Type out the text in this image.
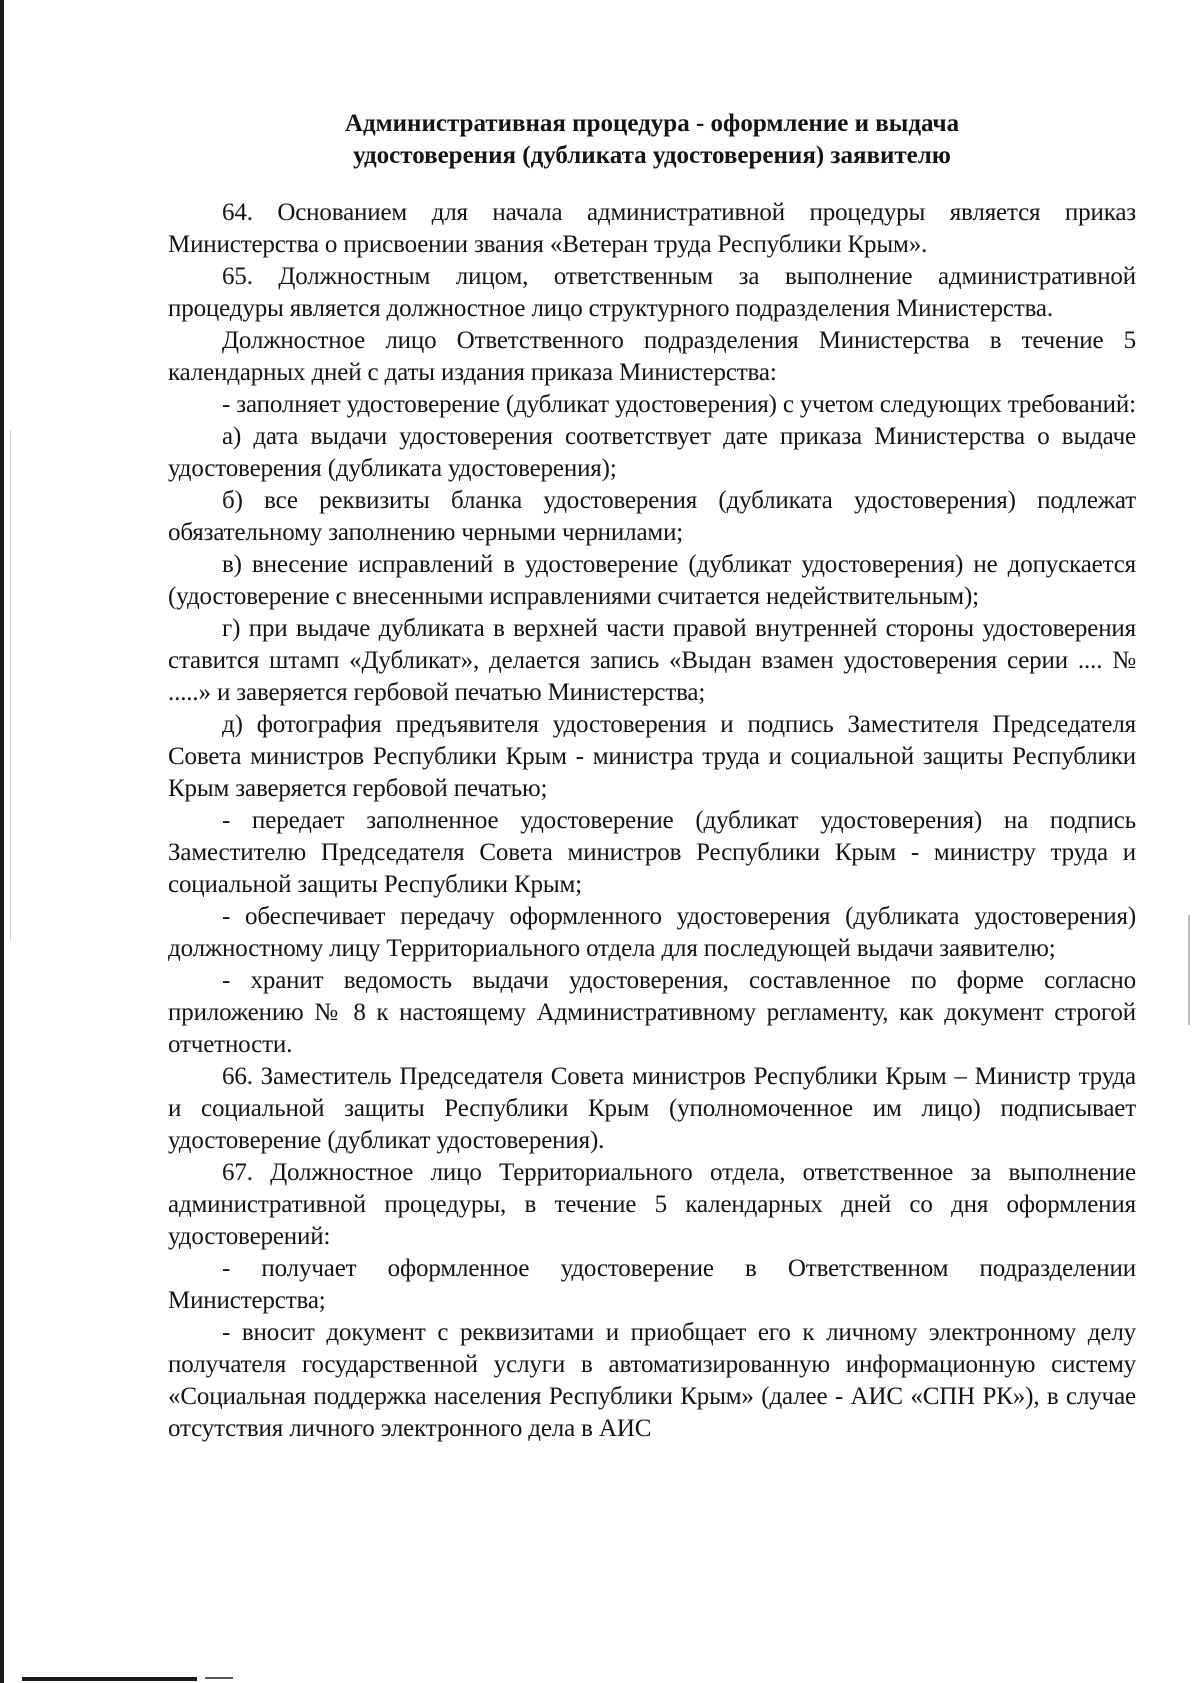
Административная процедура - оформление и выдача
удостоверения (дубликата удостоверения) заявителю

64. Основанием для начала административной процедуры является приказ Министерства о присвоении звания «Ветеран труда Республики Крым».

65. Должностным лицом, ответственным за выполнение административной процедуры является должностное лицо структурного подразделения Министерства.

Должностное лицо Ответственного подразделения Министерства в течение 5 календарных дней с даты издания приказа Министерства:

- заполняет удостоверение (дубликат удостоверения) с учетом следующих требований:

а) дата выдачи удостоверения соответствует дате приказа Министерства о выдаче удостоверения (дубликата удостоверения);

б) все реквизиты бланка удостоверения (дубликата удостоверения) подлежат обязательному заполнению черными чернилами;

в) внесение исправлений в удостоверение (дубликат удостоверения) не допускается (удостоверение с внесенными исправлениями считается недействительным);

г) при выдаче дубликата в верхней части правой внутренней стороны удостоверения ставится штамп «Дубликат», делается запись «Выдан взамен удостоверения серии .... № .....» и заверяется гербовой печатью Министерства;

д) фотография предъявителя удостоверения и подпись Заместителя Председателя Совета министров Республики Крым - министра труда и социальной защиты Республики Крым заверяется гербовой печатью;

- передает заполненное удостоверение (дубликат удостоверения) на подпись Заместителю Председателя Совета министров Республики Крым - министру труда и социальной защиты Республики Крым;

- обеспечивает передачу оформленного удостоверения (дубликата удостоверения) должностному лицу Территориального отдела для последующей выдачи заявителю;

- хранит ведомость выдачи удостоверения, составленное по форме согласно приложению № 8 к настоящему Административному регламенту, как документ строгой отчетности.

66. Заместитель Председателя Совета министров Республики Крым – Министр труда и социальной защиты Республики Крым (уполномоченное им лицо) подписывает удостоверение (дубликат удостоверения).

67. Должностное лицо Территориального отдела, ответственное за выполнение административной процедуры, в течение 5 календарных дней со дня оформления удостоверений:

- получает оформленное удостоверение в Ответственном подразделении Министерства;

- вносит документ с реквизитами и приобщает его к личному электронному делу получателя государственной услуги в автоматизированную информационную систему «Социальная поддержка населения Республики Крым» (далее - АИС «СПН РК»), в случае отсутствия личного электронного дела в АИС
